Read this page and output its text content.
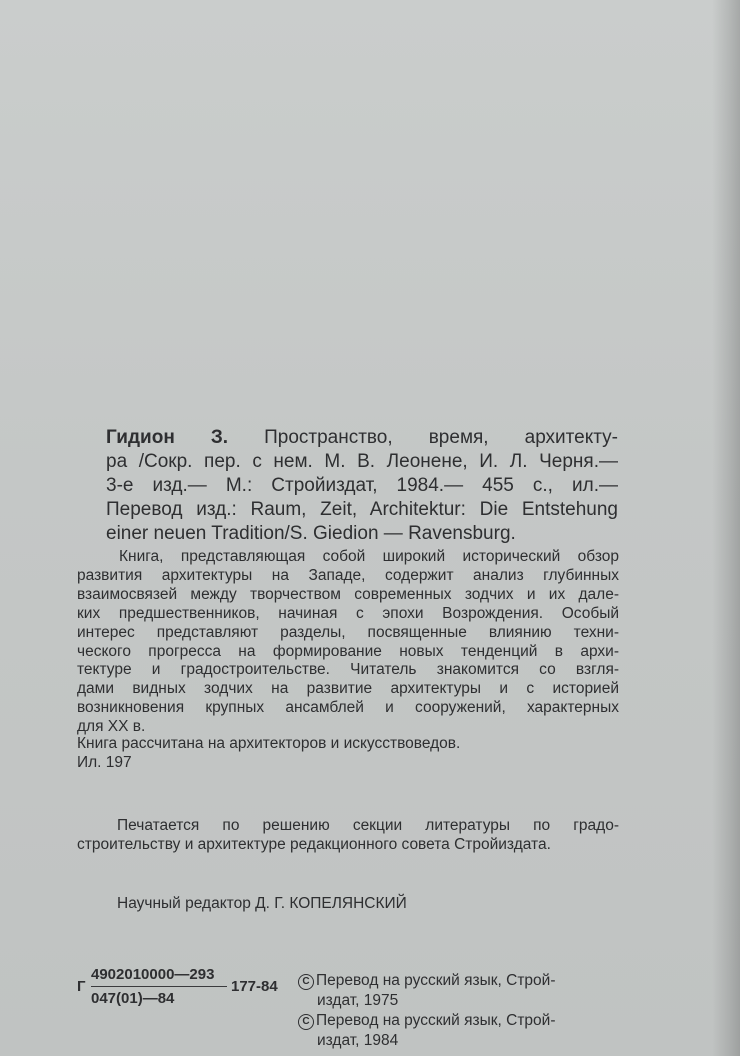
Гидион З. Пространство, время, архитекту-
ра /Сокр. пер. с нем. М. В. Леонене, И. Л. Черня.—
3-е изд.— М.: Стройиздат, 1984.— 455 с., ил.—
Перевод изд.: Raum, Zeit, Architektur: Die Entstehung
einer neuen Tradition/S. Giedion — Ravensburg.
Книга, представляющая собой широкий исторический обзор
развития архитектуры на Западе, содержит анализ глубинных
взаимосвязей между творчеством современных зодчих и их дале-
ких предшественников, начиная с эпохи Возрождения. Особый
интерес представляют разделы, посвященные влиянию техни-
ческого прогресса на формирование новых тенденций в архи-
тектуре и градостроительстве. Читатель знакомится со взгля-
дами видных зодчих на развитие архитектуры и с историей
возникновения крупных ансамблей и сооружений, характерных
для XX в.
Книга рассчитана на архитекторов и искусствоведов.
Ил. 197
Печатается по решению секции литературы по градо-
строительству и архитектуре редакционного совета Стройиздата.
Научный редактор Д. Г. КОПЕЛЯНСКИЙ
Г
4902010000—293
047(01)—84
177-84	C Перевод на русский язык, Строй-
издат, 1975
C Перевод на русский язык, Строй-
издат, 1984
